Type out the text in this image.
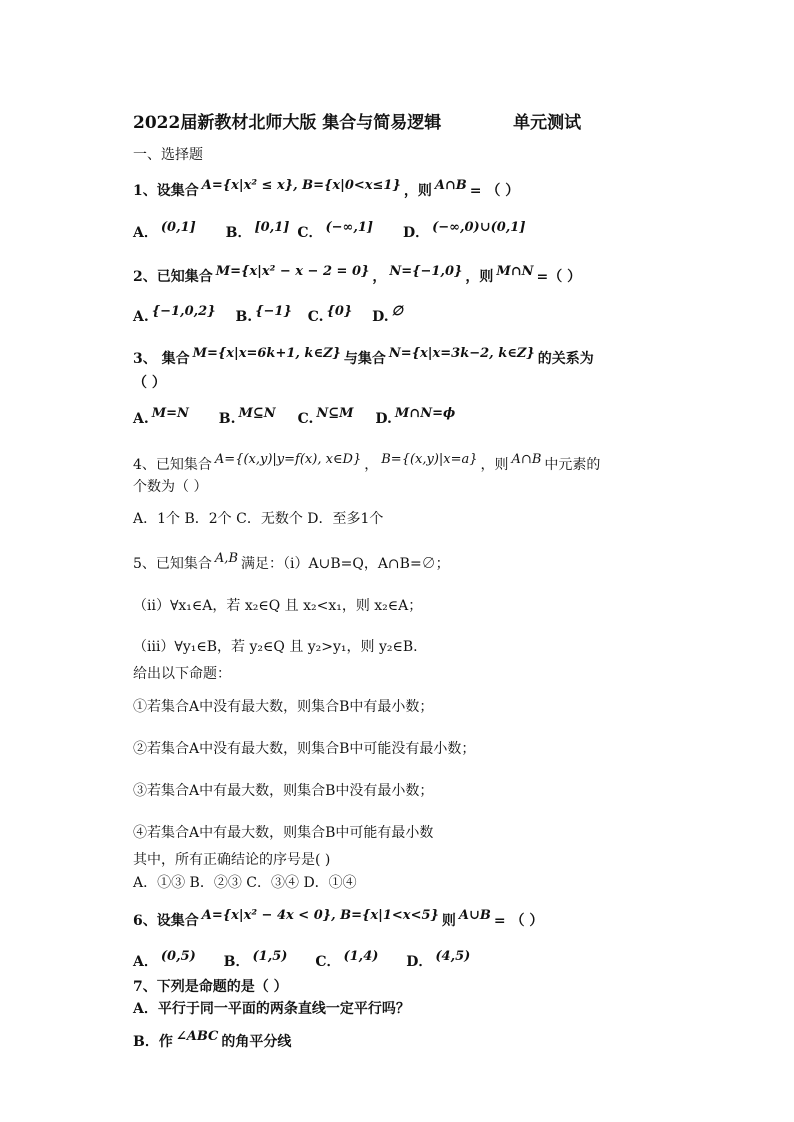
2022届新教材北师大版 集合与简易逻辑	单元测试
一、选择题
1、设集合 A={x|x² ≤ x}, B={x|0<x≤1} ，则 A∩B = （ ）
A． (0,1] B． [0,1] C． (−∞,1] D． (−∞,0)∪(0,1]
2、已知集合 M={x|x² − x − 2 = 0} ， N={−1,0} ，则 M∩N =（ ）
A. {−1,0,2} B. {−1} C. {0} D. ∅
3、 集合 M={x|x=6k+1, k∈Z} 与集合 N={x|x=3k−2, k∈Z} 的关系为
（ ）
A. M=N B. M⊆N C. N⊆M D. M∩N=ϕ
4、已知集合 A={(x,y)|y=f(x), x∈D} ， B={(x,y)|x=a} ，则 A∩B 中元素的
个数为（ ）
A．1个 B．2个 C．无数个 D．至多1个
5、已知集合 A,B 满足：（ⅰ）A∪B=Q，A∩B=∅；
（ⅱ）∀x₁∈A，若 x₂∈Q 且 x₂<x₁，则 x₂∈A；
（ⅲ）∀y₁∈B，若 y₂∈Q 且 y₂>y₁，则 y₂∈B.
给出以下命题：
①若集合A中没有最大数，则集合B中有最小数；
②若集合A中没有最大数，则集合B中可能没有最小数；
③若集合A中有最大数，则集合B中没有最小数；
④若集合A中有最大数，则集合B中可能有最小数
其中，所有正确结论的序号是( )
A．①③ B．②③ C．③④ D．①④
6、设集合 A={x|x² − 4x < 0}, B={x|1<x<5} 则 A∪B = （ ）
A． (0,5) B． (1,5) C． (1,4) D． (4,5)
7、下列是命题的是（ ）
A．平行于同一平面的两条直线一定平行吗？
B．作 ∠ABC 的角平分线
